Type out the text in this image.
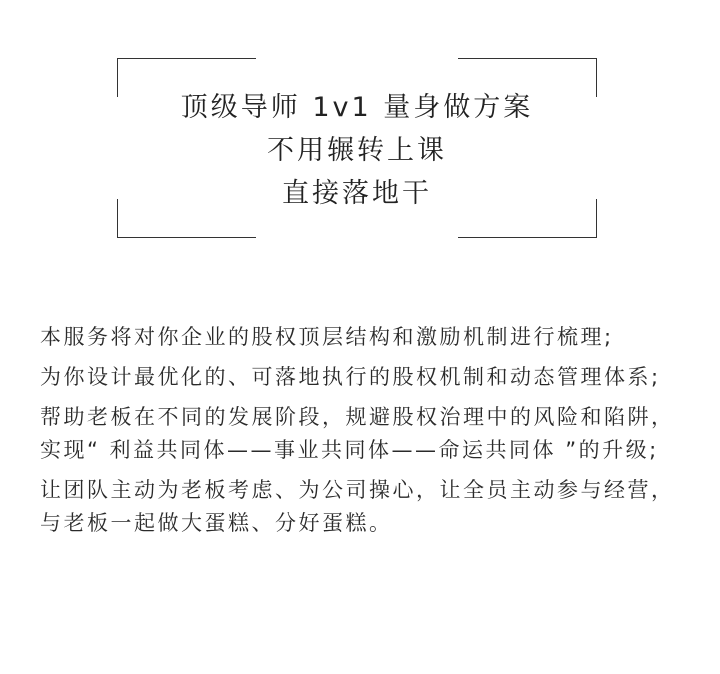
顶级导师 1v1 量身做方案
不用辗转上课
直接落地干

本服务将对你企业的股权顶层结构和激励机制进行梳理;

为你设计最优化的、可落地执行的股权机制和动态管理体系;

帮助老板在不同的发展阶段，规避股权治理中的风险和陷阱，实现“ 利益共同体——事业共同体——命运共同体 ”的升级;

让团队主动为老板考虑、为公司操心，让全员主动参与经营，与老板一起做大蛋糕、分好蛋糕。
